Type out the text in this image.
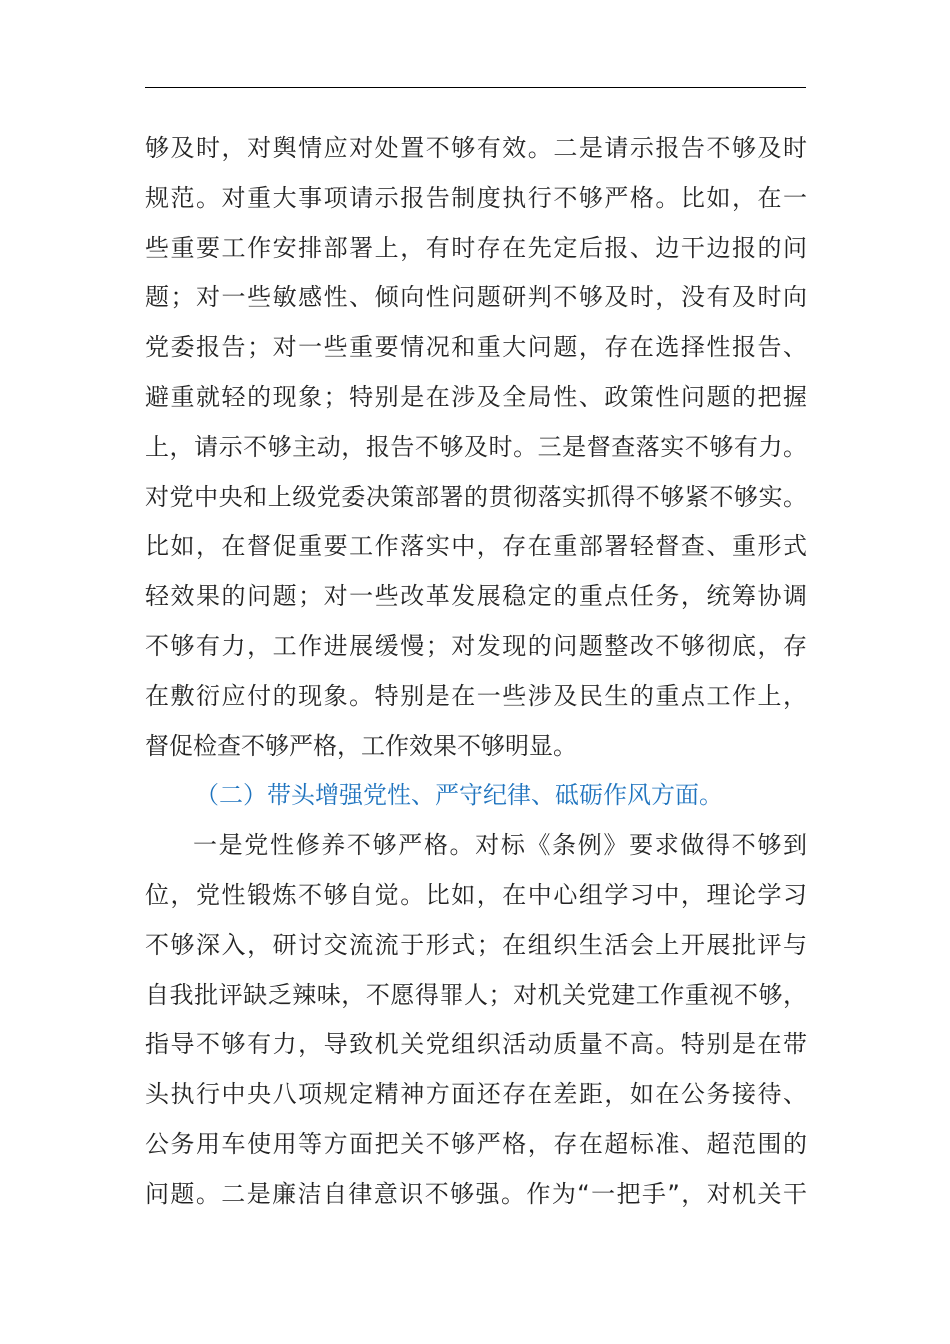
够及时，对舆情应对处置不够有效。二是请示报告不够及时
规范。对重大事项请示报告制度执行不够严格。比如，在一
些重要工作安排部署上，有时存在先定后报、边干边报的问
题；对一些敏感性、倾向性问题研判不够及时，没有及时向
党委报告；对一些重要情况和重大问题，存在选择性报告、
避重就轻的现象；特别是在涉及全局性、政策性问题的把握
上，请示不够主动，报告不够及时。三是督查落实不够有力。
对党中央和上级党委决策部署的贯彻落实抓得不够紧不够实。
比如，在督促重要工作落实中，存在重部署轻督查、重形式
轻效果的问题；对一些改革发展稳定的重点任务，统筹协调
不够有力，工作进展缓慢；对发现的问题整改不够彻底，存
在敷衍应付的现象。特别是在一些涉及民生的重点工作上，
督促检查不够严格，工作效果不够明显。
（二）带头增强党性、严守纪律、砥砺作风方面。
一是党性修养不够严格。对标《条例》要求做得不够到
位，党性锻炼不够自觉。比如，在中心组学习中，理论学习
不够深入，研讨交流流于形式；在组织生活会上开展批评与
自我批评缺乏辣味，不愿得罪人；对机关党建工作重视不够，
指导不够有力，导致机关党组织活动质量不高。特别是在带
头执行中央八项规定精神方面还存在差距，如在公务接待、
公务用车使用等方面把关不够严格，存在超标准、超范围的
问题。二是廉洁自律意识不够强。作为“一把手”，对机关干
